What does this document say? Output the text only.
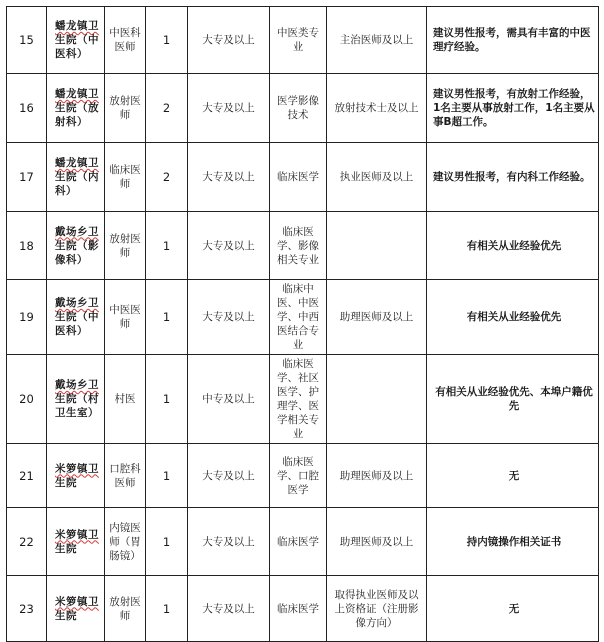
15	蟠龙镇卫生院（中医科）	中医科医师	1	大专及以上	中医类专业	主治医师及以上	建议男性报考，需具有丰富的中医理疗经验。
16	蟠龙镇卫生院（放射科）	放射医师	2	大专及以上	医学影像技术	放射技术士及以上	建议男性报考，有放射工作经验，1名主要从事放射工作，1名主要从事B超工作。
17	蟠龙镇卫生院（内科）	临床医师	2	大专及以上	临床医学	执业医师及以上	建议男性报考，有内科工作经验。
18	戴场乡卫生院（影像科）	放射医师	1	大专及以上	临床医学、影像相关专业		有相关从业经验优先
19	戴场乡卫生院（中医科）	中医医师	1	大专及以上	临床中医、中医学、中西医结合专业	助理医师及以上	有相关从业经验优先
20	戴场乡卫生院（村卫生室）	村医	1	中专及以上	临床医学、社区医学、护理学、医学相关专业		有相关从业经验优先、本埠户籍优先
21	米箩镇卫生院	口腔科医师	1	大专及以上	临床医学、口腔医学	助理医师及以上	无
22	米箩镇卫生院	内镜医师（胃肠镜）	1	大专及以上	临床医学	助理医师及以上	持内镜操作相关证书
23	米箩镇卫生院	放射医师	1	大专及以上	临床医学	取得执业医师及以上资格证（注册影像方向）	无
